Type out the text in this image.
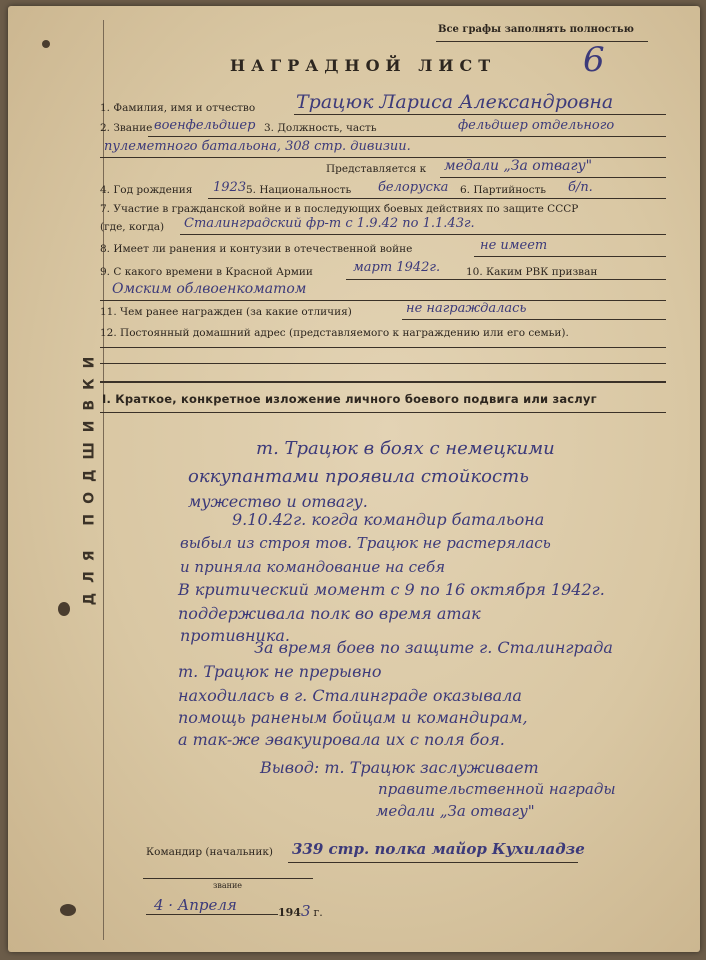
ДЛЯ ПОДШИВКИ
Все графы заполнять полностью
6
НАГРАДНОЙ ЛИСТ
1. Фамилия, имя и отчество Трацюк Лариса Александровна
2. Звание военфельдшер 3. Должность, часть	фельдшер отдельного
пулеметного батальона, 308 стр. дивизии.
Представляется к медали „За отвагу"
4. Год рождения 1923 5. Национальность белоруска 6. Партийность б/п.
7. Участие в гражданской войне и в последующих боевых действиях по защите СССР
(где, когда) Сталинградский фр-т с 1.9.42 по 1.1.43г.
8. Имеет ли ранения и контузии в отечественной войне	не имеет
9. С какого времени в Красной Армии	март 1942г. 10. Каким РВК призван
Омским облвоенкоматом
11. Чем ранее награжден (за какие отличия)	не награждалась
12. Постоянный домашний адрес (представляемого к награждению или его семьи).
I. Краткое, конкретное изложение личного боевого подвига или заслуг
т. Трацюк в боях с немецкими
оккупантами проявила стойкость
мужество и отвагу.
9.10.42г. когда командир батальона
выбыл из строя тов. Трацюк не растерялась
и приняла командование на себя
В критический момент с 9 по 16 октября 1942г.
поддерживала полк во время атак
противника.
За время боев по защите г. Сталинграда
т. Трацюк не прерывно
находилась в г. Сталинграде оказывала
помощь раненым бойцам и командирам,
а так-же эвакуировала их с поля боя.
Вывод: т. Трацюк заслуживает
правительственной награды
медали „За отвагу"
Командир (начальник) 339 стр. полка майор Кухиладзе
звание
4 · Апреля	1943 г.
